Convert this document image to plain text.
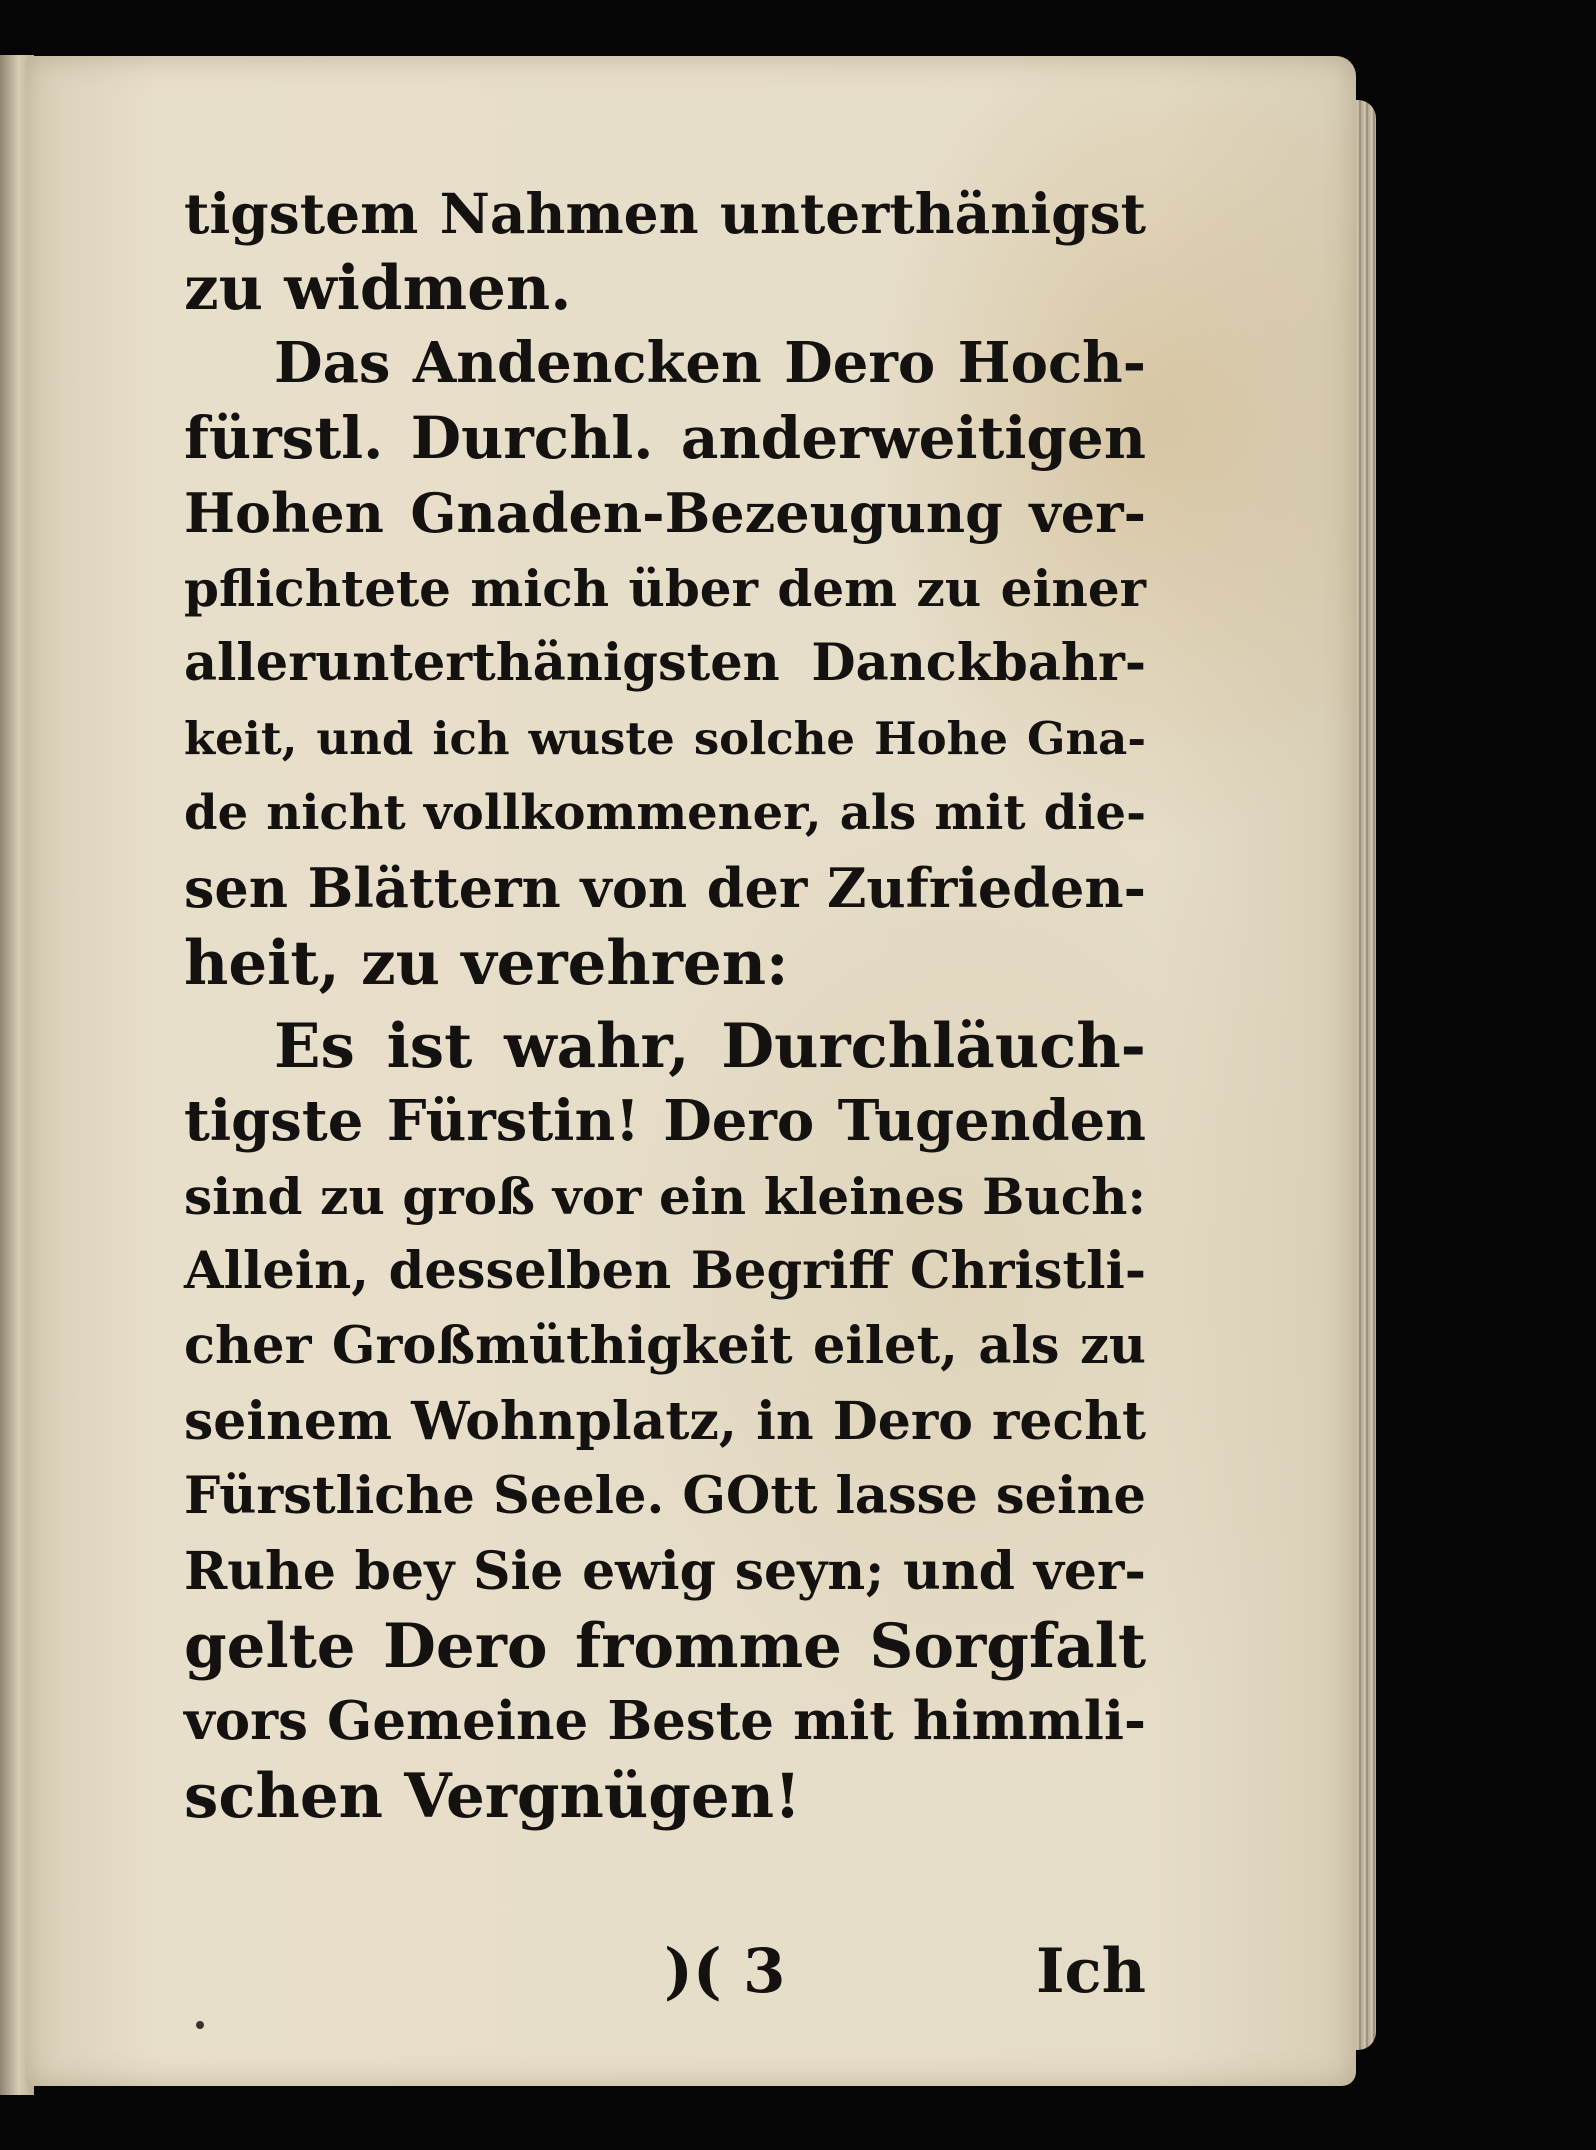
tigstem Nahmen unterthänigst
zu widmen.
Das Andencken Dero Hoch-
fürstl. Durchl. anderweitigen
Hohen Gnaden-Bezeugung ver-
pflichtete mich über dem zu einer
allerunterthänigsten Danckbahr-
keit, und ich wuste solche Hohe Gna-
de nicht vollkommener, als mit die-
sen Blättern von der Zufrieden-
heit, zu verehren:
Es ist wahr, Durchläuch-
tigste Fürstin! Dero Tugenden
sind zu groß vor ein kleines Buch:
Allein, desselben Begriff Christli-
cher Großmüthigkeit eilet, als zu
seinem Wohnplatz, in Dero recht
Fürstliche Seele. GOtt lasse seine
Ruhe bey Sie ewig seyn; und ver-
gelte Dero fromme Sorgfalt
vors Gemeine Beste mit himmli-
schen Vergnügen!
)( 3	Ich
